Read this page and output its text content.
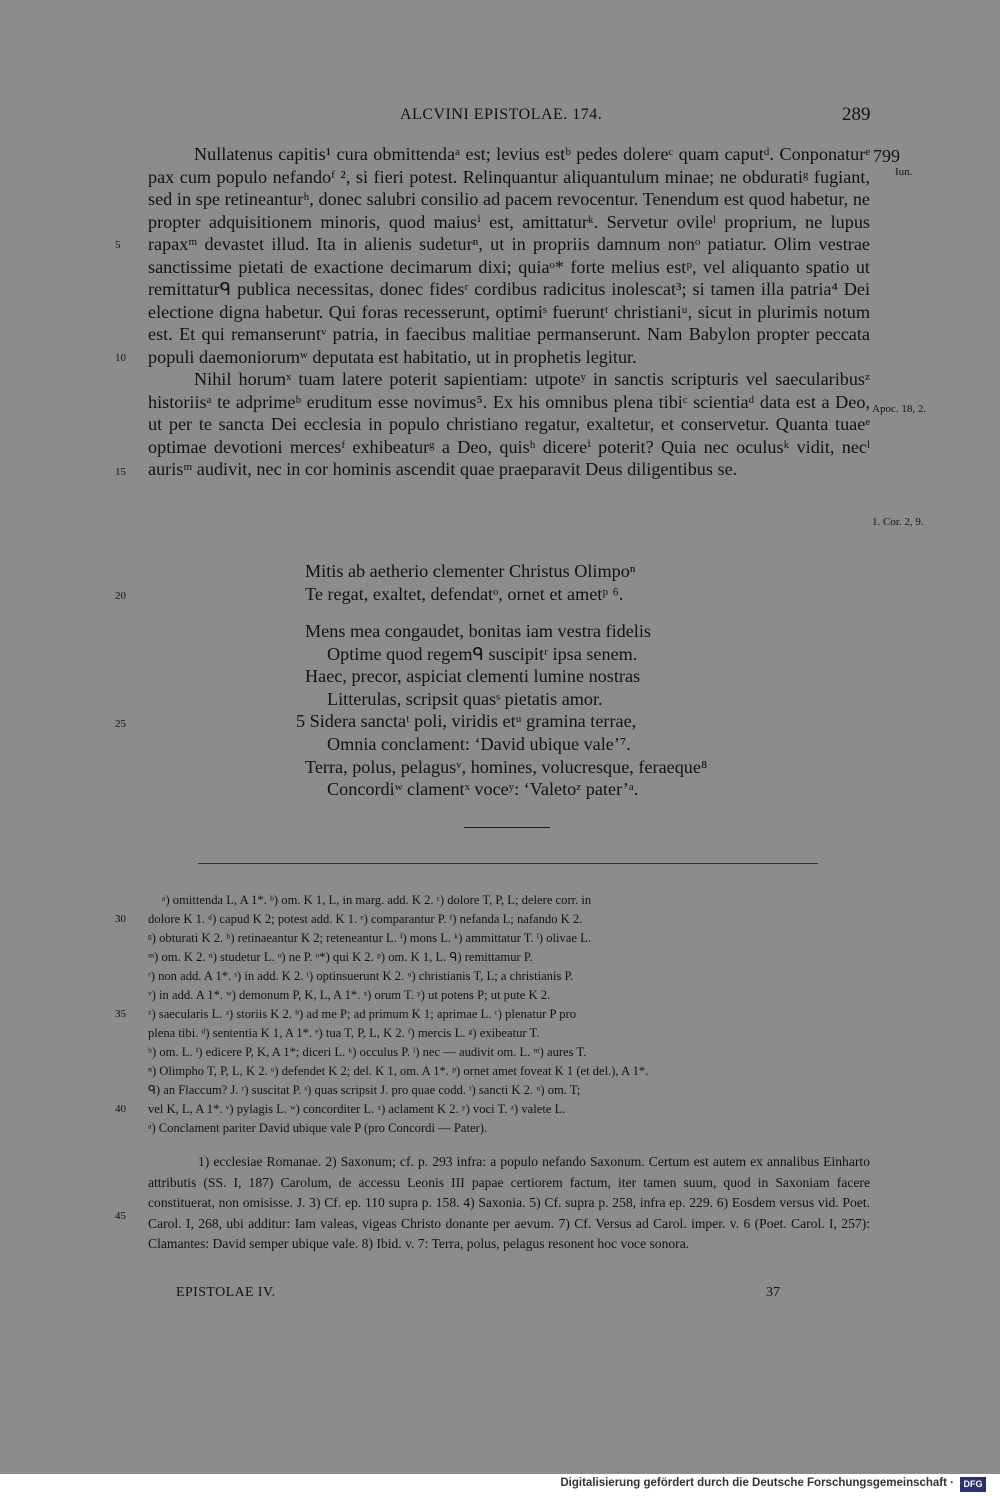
ALCVINI EPISTOLAE. 174.	289
799
Iun.
Apoc. 18, 2.
1. Cor. 2, 9.
5
10
15
20
25
30
35
40
45

Nullatenus capitis¹ cura obmittendaᵃ est; levius estᵇ pedes dolereᶜ quam caputᵈ. Conponaturᵉ pax cum populo nefandoᶠ ², si fieri potest. Relinquantur aliquantulum minae; ne obduratiᵍ fugiant, sed in spe retineanturʰ, donec salubri consilio ad pacem revocentur. Tenendum est quod habetur, ne propter adquisitionem minoris, quod maiusⁱ est, amittaturᵏ. Servetur ovileˡ proprium, ne lupus rapaxᵐ devastet illud. Ita in alienis sudeturⁿ, ut in propriis damnum nonᵒ patiatur. Olim vestrae sanctissime pietati de exactione decimarum dixi; quiaᵒ* forte melius estᵖ, vel aliquanto spatio ut remittaturᑫ publica necessitas, donec fidesʳ cordibus radicitus inolescat³; si tamen illa patria⁴ Dei electione digna habetur. Qui foras recesserunt, optimiˢ fueruntᵗ christianiᵘ, sicut in plurimis notum est. Et qui remanseruntᵛ patria, in faecibus malitiae permanserunt. Nam Babylon propter peccata populi daemoniorumʷ deputata est habitatio, ut in prophetis legitur.

Nihil horumˣ tuam latere poterit sapientiam: utpoteʸ in sanctis scripturis vel saecularibusᶻ historiisᵃ te adprimeᵇ eruditum esse novimus⁵. Ex his omnibus plena tibiᶜ scientiaᵈ data est a Deo, ut per te sancta Dei ecclesia in populo christiano regatur, exaltetur, et conservetur. Quanta tuaeᵉ optimae devotioni mercesᶠ exhibeaturᵍ a Deo, quisʰ dicereⁱ poterit? Quia nec oculusᵏ vidit, necˡ aurisᵐ audivit, nec in cor hominis ascendit quae praeparavit Deus diligentibus se.

Mitis ab aetherio clementer Christus Olimpoⁿ
Te regat, exaltet, defendatᵒ, ornet et ametᵖ ⁶.
Mens mea congaudet, bonitas iam vestra fidelis
Optime quod regemᑫ suscipitʳ ipsa senem.
Haec, precor, aspiciat clementi lumine nostras
Litterulas, scripsit quasˢ pietatis amor.
5 Sidera sanctaᵗ poli, viridis etᵘ gramina terrae,
Omnia conclament: ‘David ubique vale’⁷.
Terra, polus, pelagusᵛ, homines, volucresque, feraeque⁸
Concordiʷ clamentˣ voceʸ: ‘Valetoᶻ pater’ᵃ.

ᵃ) omittenda L, A 1*. ᵇ) om. K 1, L, in marg. add. K 2. ᶜ) dolore T, P, L; delere corr. in

dolore K 1. ᵈ) capud K 2; potest add. K 1. ᵉ) comparantur P. ᶠ) nefanda L; nafando K 2.

ᵍ) obturati K 2. ʰ) retinaeantur K 2; reteneantur L. ⁱ) mons L. ᵏ) ammittatur T. ˡ) olivae L.

ᵐ) om. K 2. ⁿ) studetur L. ᵒ) ne P. ᵒ*) qui K 2. ᵖ) om. K 1, L. ᑫ) remittamur P.

ʳ) non add. A 1*. ˢ) in add. K 2. ᵗ) optinsuerunt K 2. ᵘ) christianis T, L; a christianis P.

ᵛ) in add. A 1*. ʷ) demonum P, K, L, A 1*. ˣ) orum T. ʸ) ut potens P; ut pute K 2.

ᶻ) saecularis L. ᵃ) storiis K 2. ᵇ) ad me P; ad primum K 1; aprimae L. ᶜ) plenatur P pro

plena tibi. ᵈ) sententia K 1, A 1*. ᵉ) tua T, P, L, K 2. ᶠ) mercis L. ᵍ) exibeatur T.

ʰ) om. L. ⁱ) edicere P, K, A 1*; diceri L. ᵏ) occulus P. ˡ) nec — audivit om. L. ᵐ) aures T.

ⁿ) Olimpho T, P, L, K 2. ᵒ) defendet K 2; del. K 1, om. A 1*. ᵖ) ornet amet foveat K 1 (et del.), A 1*.

ᑫ) an Flaccum? J. ʳ) suscitat P. ˢ) quas scripsit J. pro quae codd. ᵗ) sancti K 2. ᵘ) om. T;

vel K, L, A 1*. ᵛ) pylagis L. ʷ) concorditer L. ˣ) aclament K 2. ʸ) voci T. ᶻ) valete L.

ᵃ) Conclament pariter David ubique vale P (pro Concordi — Pater).

1) ecclesiae Romanae. 2) Saxonum; cf. p. 293 infra: a populo nefando Saxonum. Certum est autem ex annalibus Einharto attributis (SS. I, 187) Carolum, de accessu Leonis III papae certiorem factum, iter tamen suum, quod in Saxoniam facere constituerat, non omisisse. J. 3) Cf. ep. 110 supra p. 158. 4) Saxonia. 5) Cf. supra p. 258, infra ep. 229. 6) Eosdem versus vid. Poet. Carol. I, 268, ubi additur: Iam valeas, vigeas Christo donante per aevum. 7) Cf. Versus ad Carol. imper. v. 6 (Poet. Carol. I, 257): Clamantes: David semper ubique vale. 8) Ibid. v. 7: Terra, polus, pelagus resonent hoc voce sonora.

EPISTOLAE IV.	37
Digitalisierung gefördert durch die Deutsche Forschungsgemeinschaft ·	DFG
